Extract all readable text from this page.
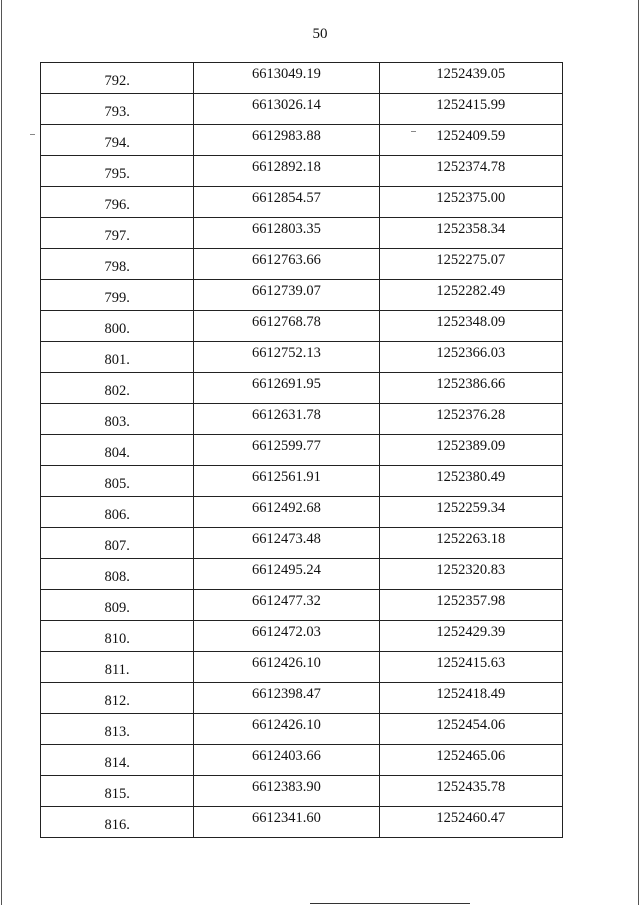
50
792.	6613049.19	1252439.05
793.	6613026.14	1252415.99
794.	6612983.88	1252409.59
795.	6612892.18	1252374.78
796.	6612854.57	1252375.00
797.	6612803.35	1252358.34
798.	6612763.66	1252275.07
799.	6612739.07	1252282.49
800.	6612768.78	1252348.09
801.	6612752.13	1252366.03
802.	6612691.95	1252386.66
803.	6612631.78	1252376.28
804.	6612599.77	1252389.09
805.	6612561.91	1252380.49
806.	6612492.68	1252259.34
807.	6612473.48	1252263.18
808.	6612495.24	1252320.83
809.	6612477.32	1252357.98
810.	6612472.03	1252429.39
811.	6612426.10	1252415.63
812.	6612398.47	1252418.49
813.	6612426.10	1252454.06
814.	6612403.66	1252465.06
815.	6612383.90	1252435.78
816.	6612341.60	1252460.47
